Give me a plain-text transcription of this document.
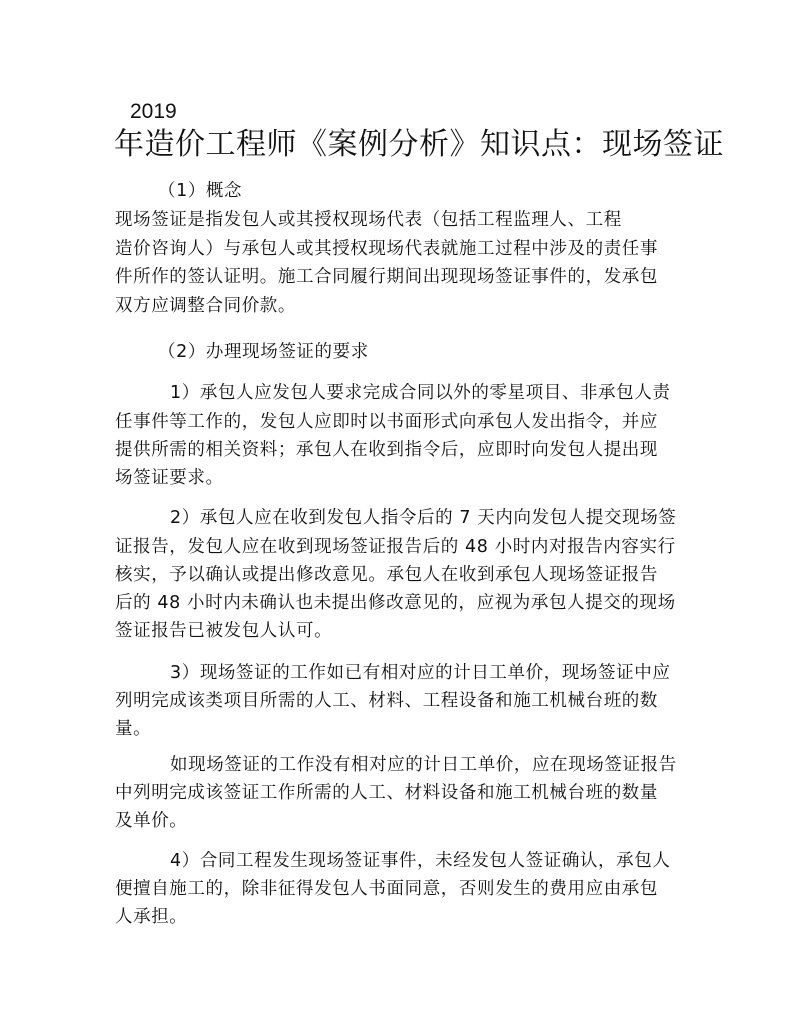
2019
年造价工程师《案例分析》知识点：现场签证
（1）概念
现场签证是指发包人或其授权现场代表（包括工程监理人、工程
造价咨询人）与承包人或其授权现场代表就施工过程中涉及的责任事
件所作的签认证明。施工合同履行期间出现现场签证事件的，发承包
双方应调整合同价款。
（2）办理现场签证的要求
1）承包人应发包人要求完成合同以外的零星项目、非承包人责
任事件等工作的，发包人应即时以书面形式向承包人发出指令，并应
提供所需的相关资料；承包人在收到指令后，应即时向发包人提出现
场签证要求。
2）承包人应在收到发包人指令后的 7 天内向发包人提交现场签
证报告，发包人应在收到现场签证报告后的 48 小时内对报告内容实行
核实，予以确认或提出修改意见。承包人在收到承包人现场签证报告
后的 48 小时内未确认也未提出修改意见的，应视为承包人提交的现场
签证报告已被发包人认可。
3）现场签证的工作如已有相对应的计日工单价，现场签证中应
列明完成该类项目所需的人工、材料、工程设备和施工机械台班的数
量。
如现场签证的工作没有相对应的计日工单价，应在现场签证报告
中列明完成该签证工作所需的人工、材料设备和施工机械台班的数量
及单价。
4）合同工程发生现场签证事件，未经发包人签证确认，承包人
便擅自施工的，除非征得发包人书面同意，否则发生的费用应由承包
人承担。
